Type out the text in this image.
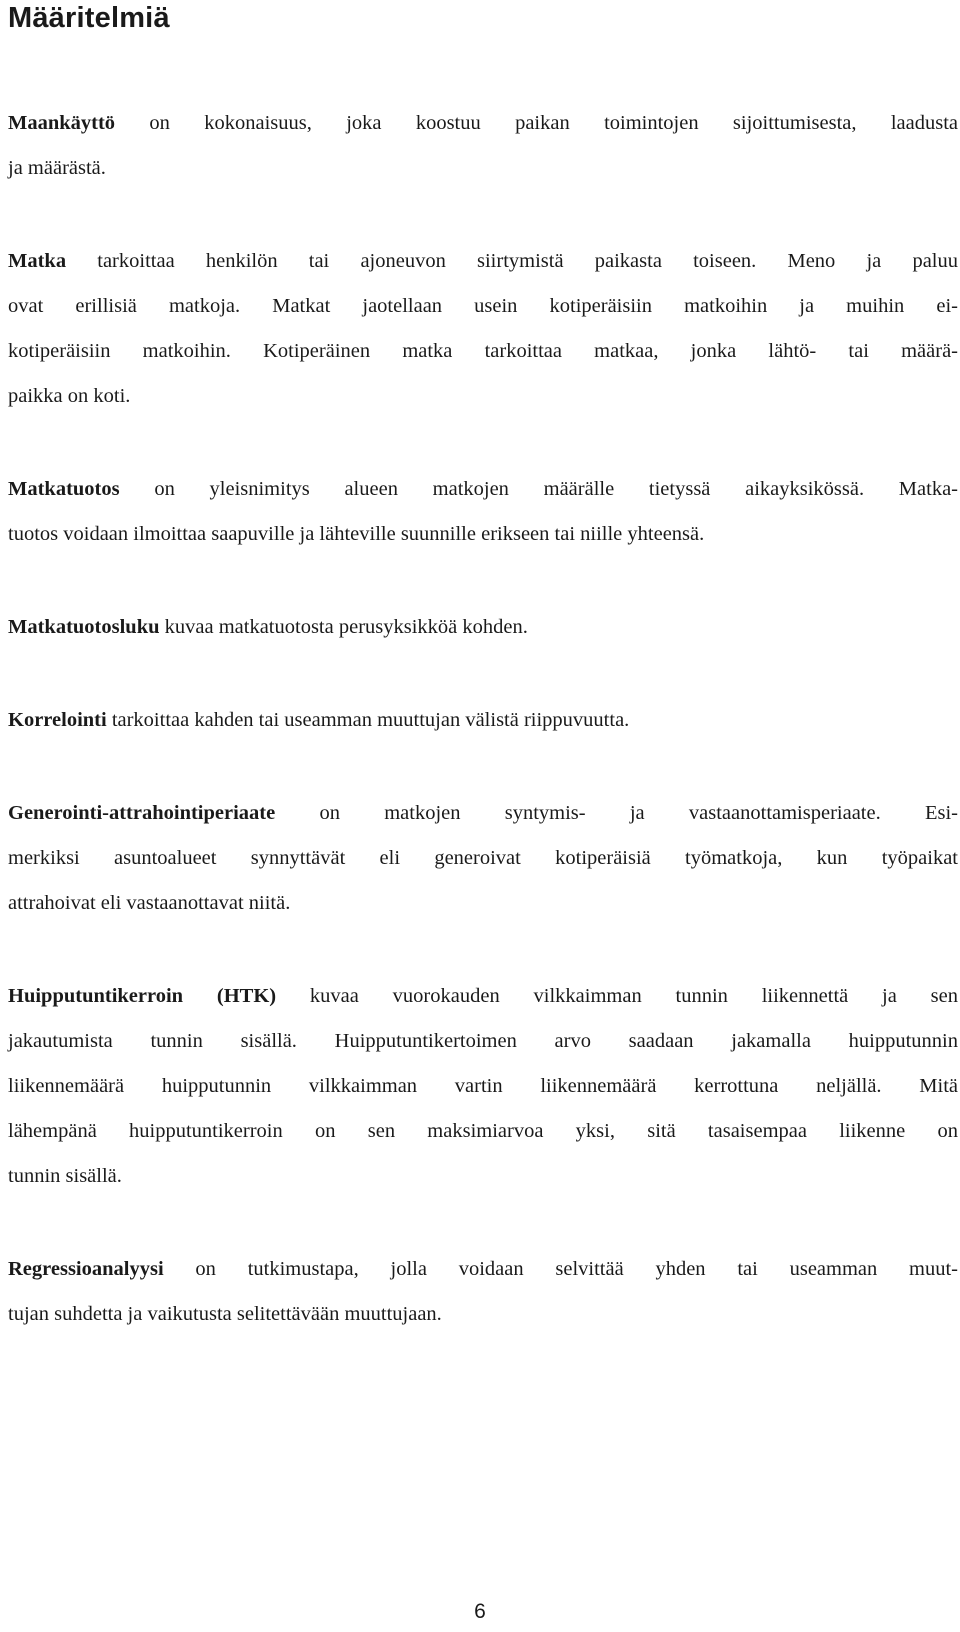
Määritelmiä

Maankäyttö on kokonaisuus, joka koostuu paikan toimintojen sijoittumisesta, laadusta
ja määrästä.

Matka tarkoittaa henkilön tai ajoneuvon siirtymistä paikasta toiseen. Meno ja paluu
ovat erillisiä matkoja. Matkat jaotellaan usein kotiperäisiin matkoihin ja muihin ei-
kotiperäisiin matkoihin. Kotiperäinen matka tarkoittaa matkaa, jonka lähtö- tai määrä-
paikka on koti.

Matkatuotos on yleisnimitys alueen matkojen määrälle tietyssä aikayksikössä. Matka-
tuotos voidaan ilmoittaa saapuville ja lähteville suunnille erikseen tai niille yhteensä.

Matkatuotosluku kuvaa matkatuotosta perusyksikköä kohden.

Korrelointi tarkoittaa kahden tai useamman muuttujan välistä riippuvuutta.

Generointi-attrahointiperiaate on matkojen syntymis- ja vastaanottamisperiaate. Esi-
merkiksi asuntoalueet synnyttävät eli generoivat kotiperäisiä työmatkoja, kun työpaikat
attrahoivat eli vastaanottavat niitä.

Huipputuntikerroin (HTK) kuvaa vuorokauden vilkkaimman tunnin liikennettä ja sen
jakautumista tunnin sisällä. Huipputuntikertoimen arvo saadaan jakamalla huipputunnin
liikennemäärä huipputunnin vilkkaimman vartin liikennemäärä kerrottuna neljällä. Mitä
lähempänä huipputuntikerroin on sen maksimiarvoa yksi, sitä tasaisempaa liikenne on
tunnin sisällä.

Regressioanalyysi on tutkimustapa, jolla voidaan selvittää yhden tai useamman muut-
tujan suhdetta ja vaikutusta selitettävään muuttujaan.

6
